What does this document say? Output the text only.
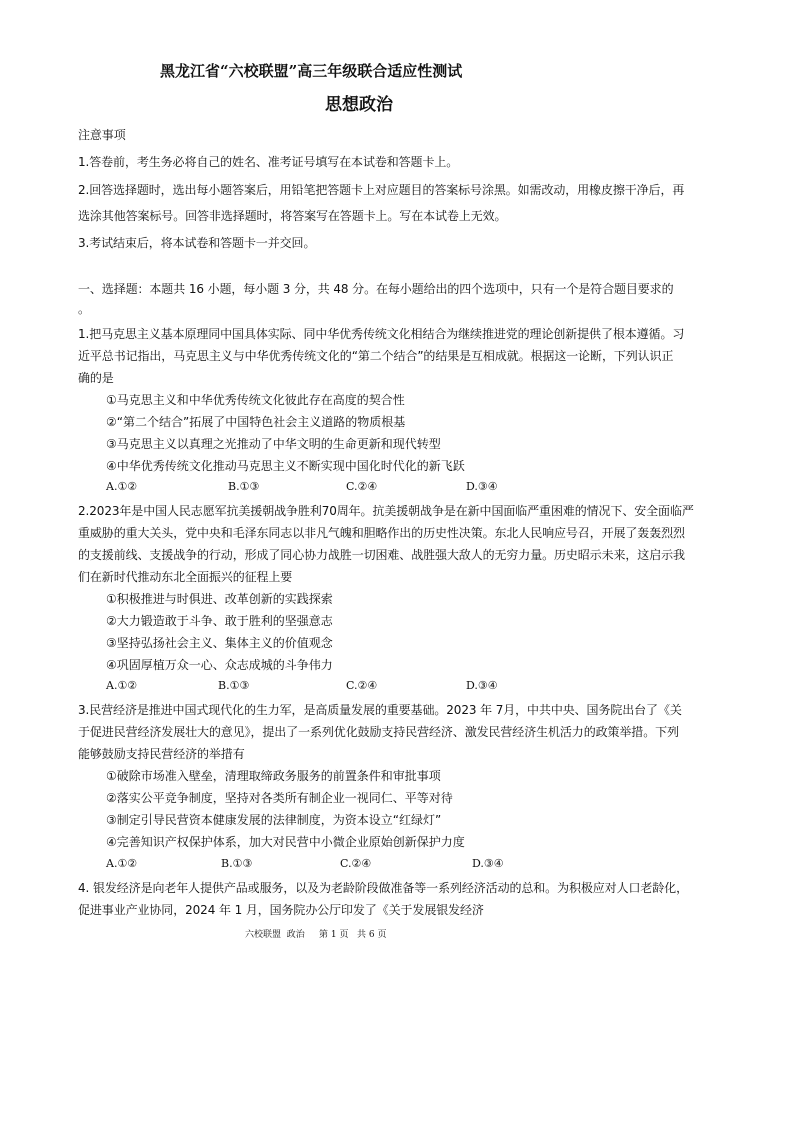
黑龙江省“六校联盟”高三年级联合适应性测试
思想政治
注意事项
1.答卷前，考生务必将自己的姓名、准考证号填写在本试卷和答题卡上。
2.回答选择题时，选出每小题答案后，用铅笔把答题卡上对应题目的答案标号涂黑。如需改动，用橡皮擦干净后，再
选涂其他答案标号。回答非选择题时，将答案写在答题卡上。写在本试卷上无效。
3.考试结束后，将本试卷和答题卡一并交回。
一、选择题：本题共 16 小题，每小题 3 分，共 48 分。在每小题给出的四个选项中，只有一个是符合题目要求的
。
1.把马克思主义基本原理同中国具体实际、同中华优秀传统文化相结合为继续推进党的理论创新提供了根本遵循。习
近平总书记指出，马克思主义与中华优秀传统文化的“第二个结合”的结果是互相成就。根据这一论断，下列认识正
确的是
①马克思主义和中华优秀传统文化彼此存在高度的契合性
②“第二个结合”拓展了中国特色社会主义道路的物质根基
③马克思主义以真理之光推动了中华文明的生命更新和现代转型
④中华优秀传统文化推动马克思主义不断实现中国化时代化的新飞跃
A.①②	B.①③	C.②④	D.③④
2.2023年是中国人民志愿军抗美援朝战争胜利70周年。抗美援朝战争是在新中国面临严重困难的情况下、安全面临严
重威胁的重大关头，党中央和毛泽东同志以非凡气魄和胆略作出的历史性决策。东北人民响应号召，开展了轰轰烈烈
的支援前线、支援战争的行动，形成了同心协力战胜一切困难、战胜强大敌人的无穷力量。历史昭示未来，这启示我
们在新时代推动东北全面振兴的征程上要
①积极推进与时俱进、改革创新的实践探索
②大力锻造敢于斗争、敢于胜利的坚强意志
③坚持弘扬社会主义、集体主义的价值观念
④巩固厚植万众一心、众志成城的斗争伟力
A.①②	B.①③	C.②④	D.③④
3.民营经济是推进中国式现代化的生力军，是高质量发展的重要基础。2023 年 7月，中共中央、国务院出台了《关
于促进民营经济发展壮大的意见》，提出了一系列优化鼓励支持民营经济、激发民营经济生机活力的政策举措。下列
能够鼓励支持民营经济的举措有
①破除市场准入壁垒，清理取缔政务服务的前置条件和审批事项
②落实公平竞争制度，坚持对各类所有制企业一视同仁、平等对待
③制定引导民营资本健康发展的法律制度，为资本设立“红绿灯”
④完善知识产权保护体系，加大对民营中小微企业原始创新保护力度
A.①②	B.①③	C.②④	D.③④
4. 银发经济是向老年人提供产品或服务，以及为老龄阶段做准备等一系列经济活动的总和。为积极应对人口老龄化，
促进事业产业协同，2024 年 1 月，国务院办公厅印发了《关于发展银发经济
六校联盟  政治     第 1 页   共 6 页
